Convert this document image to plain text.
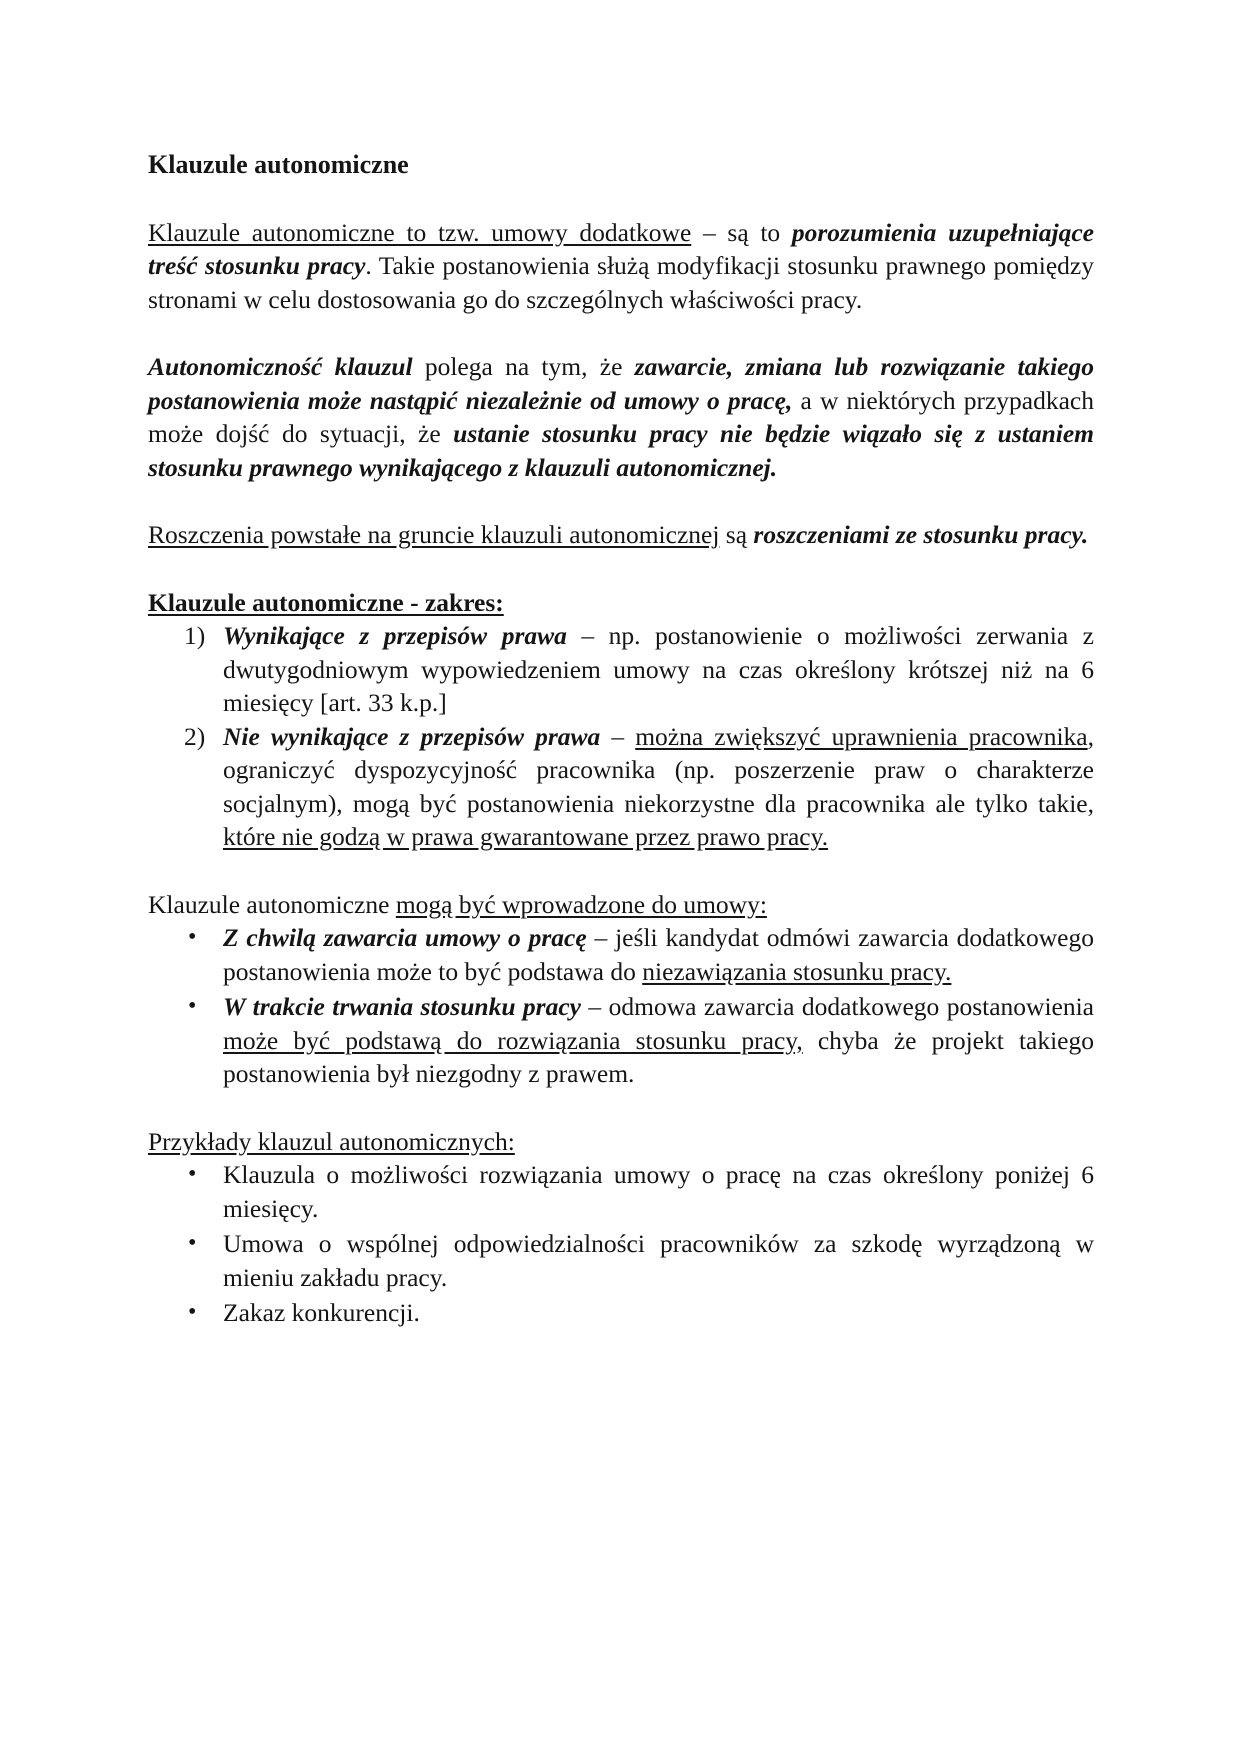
Klauzule autonomiczne

Klauzule autonomiczne to tzw. umowy dodatkowe – są to porozumienia uzupełniające treść stosunku pracy. Takie postanowienia służą modyfikacji stosunku prawnego pomiędzy stronami w celu dostosowania go do szczególnych właściwości pracy.

Autonomiczność klauzul polega na tym, że zawarcie, zmiana lub rozwiązanie takiego postanowienia może nastąpić niezależnie od umowy o pracę, a w niektórych przypadkach może dojść do sytuacji, że ustanie stosunku pracy nie będzie wiązało się z ustaniem stosunku prawnego wynikającego z klauzuli autonomicznej.

Roszczenia powstałe na gruncie klauzuli autonomicznej są roszczeniami ze stosunku pracy.

Klauzule autonomiczne - zakres:

1) Wynikające z przepisów prawa – np. postanowienie o możliwości zerwania z dwutygodniowym wypowiedzeniem umowy na czas określony krótszej niż na 6 miesięcy [art. 33 k.p.]
2) Nie wynikające z przepisów prawa – można zwiększyć uprawnienia pracownika, ograniczyć dyspozycyjność pracownika (np. poszerzenie praw o charakterze socjalnym), mogą być postanowienia niekorzystne dla pracownika ale tylko takie, które nie godzą w prawa gwarantowane przez prawo pracy.

Klauzule autonomiczne mogą być wprowadzone do umowy:

• Z chwilą zawarcia umowy o pracę – jeśli kandydat odmówi zawarcia dodatkowego postanowienia może to być podstawa do niezawiązania stosunku pracy.
• W trakcie trwania stosunku pracy – odmowa zawarcia dodatkowego postanowienia może być podstawą do rozwiązania stosunku pracy, chyba że projekt takiego postanowienia był niezgodny z prawem.

Przykłady klauzul autonomicznych:

• Klauzula o możliwości rozwiązania umowy o pracę na czas określony poniżej 6 miesięcy.
• Umowa o wspólnej odpowiedzialności pracowników za szkodę wyrządzoną w mieniu zakładu pracy.
• Zakaz konkurencji.
